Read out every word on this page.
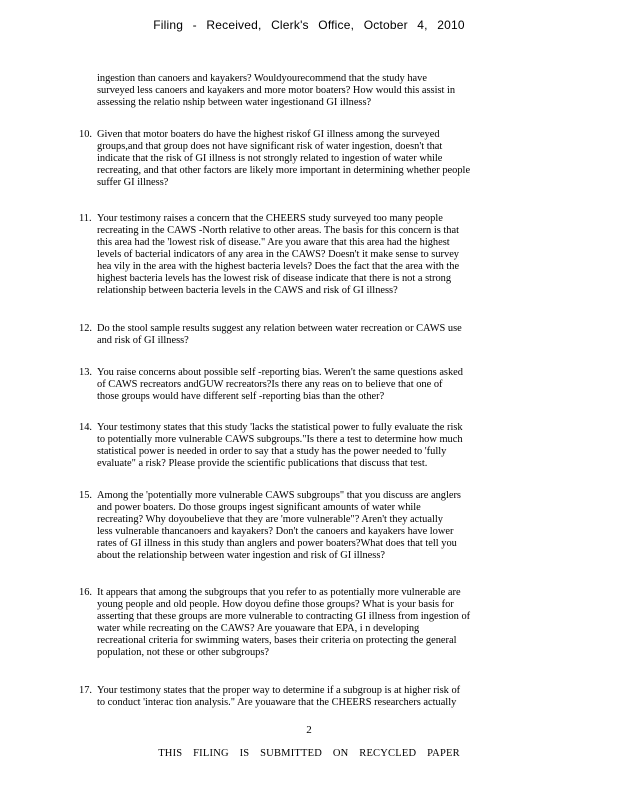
Filing - Received, Clerk's Office, October 4, 2010
ingestion than canoers and kayakers? Wouldyourecommend that the study have
surveyed less canoers and kayakers and more motor boaters? How would this assist in
assessing the relatio nship between water ingestionand GI illness?
10. Given that motor boaters do have the highest riskof GI illness among the surveyed
groups,and that group does not have significant risk of water ingestion, doesn't that
indicate that the risk of GI illness is not strongly related to ingestion of water while
recreating, and that other factors are likely more important in determining whether people
suffer GI illness?
11. Your testimony raises a concern that the CHEERS study surveyed too many people
recreating in the CAWS -North relative to other areas. The basis for this concern is that
this area had the 'lowest risk of disease." Are you aware that this area had the highest
levels of bacterial indicators of any area in the CAWS? Doesn't it make sense to survey
hea vily in the area with the highest bacteria levels? Does the fact that the area with the
highest bacteria levels has the lowest risk of disease indicate that there is not a strong
relationship between bacteria levels in the CAWS and risk of GI illness?
12. Do the stool sample results suggest any relation between water recreation or CAWS use
and risk of GI illness?
13. You raise concerns about possible self -reporting bias. Weren't the same questions asked
of CAWS recreators andGUW recreators?Is there any reas on to believe that one of
those groups would have different self -reporting bias than the other?
14. Your testimony states that this study 'lacks the statistical power to fully evaluate the risk
to potentially more vulnerable CAWS subgroups."Is there a test to determine how much
statistical power is needed in order to say that a study has the power needed to 'fully
evaluate" a risk? Please provide the scientific publications that discuss that test.
15. Among the 'potentially more vulnerable CAWS subgroups" that you discuss are anglers
and power boaters. Do those groups ingest significant amounts of water while
recreating? Why doyoubelieve that they are 'more vulnerable"? Aren't they actually
less vulnerable thancanoers and kayakers? Don't the canoers and kayakers have lower
rates of GI illness in this study than anglers and power boaters?What does that tell you
about the relationship between water ingestion and risk of GI illness?
16. It appears that among the subgroups that you refer to as potentially more vulnerable are
young people and old people. How doyou define those groups? What is your basis for
asserting that these groups are more vulnerable to contracting GI illness from ingestion of
water while recreating on the CAWS? Are youaware that EPA, i n developing
recreational criteria for swimming waters, bases their criteria on protecting the general
population, not these or other subgroups?
17. Your testimony states that the proper way to determine if a subgroup is at higher risk of
to conduct 'interac tion analysis." Are youaware that the CHEERS researchers actually
2
THIS FILING IS SUBMITTED ON RECYCLED PAPER
